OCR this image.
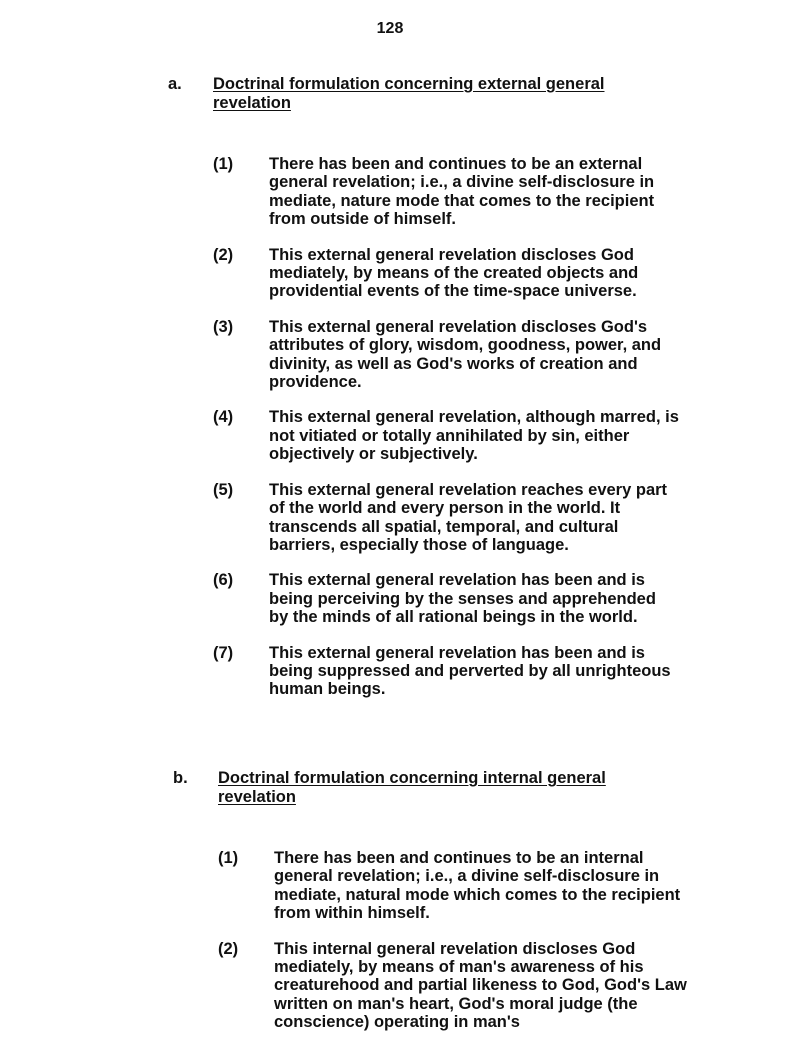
128
a.	Doctrinal formulation concerning external general revelation
(1)	There has been and continues to be an external general revelation; i.e., a divine self-disclosure in mediate, nature mode that comes to the recipient from outside of himself.
(2)	This external general revelation discloses God mediately, by means of the created objects and providential events of the time-space universe.
(3)	This external general revelation discloses God's attributes of glory, wisdom, goodness, power, and divinity, as well as God's works of creation and providence.
(4)	This external general revelation, although marred, is not vitiated or totally annihilated by sin, either objectively or subjectively.
(5)	This external general revelation reaches every part of the world and every person in the world. It transcends all spatial, temporal, and cultural barriers, especially those of language.
(6)	This external general revelation has been and is being perceiving by the senses and apprehended by the minds of all rational beings in the world.
(7)	This external general revelation has been and is being suppressed and perverted by all unrighteous human beings.
b.	Doctrinal formulation concerning internal general revelation
(1)	There has been and continues to be an internal general revelation; i.e., a divine self-disclosure in mediate, natural mode which comes to the recipient from within himself.
(2)	This internal general revelation discloses God mediately, by means of man's awareness of his creaturehood and partial likeness to God, God's Law written on man's heart, God's moral judge (the conscience) operating in man's
